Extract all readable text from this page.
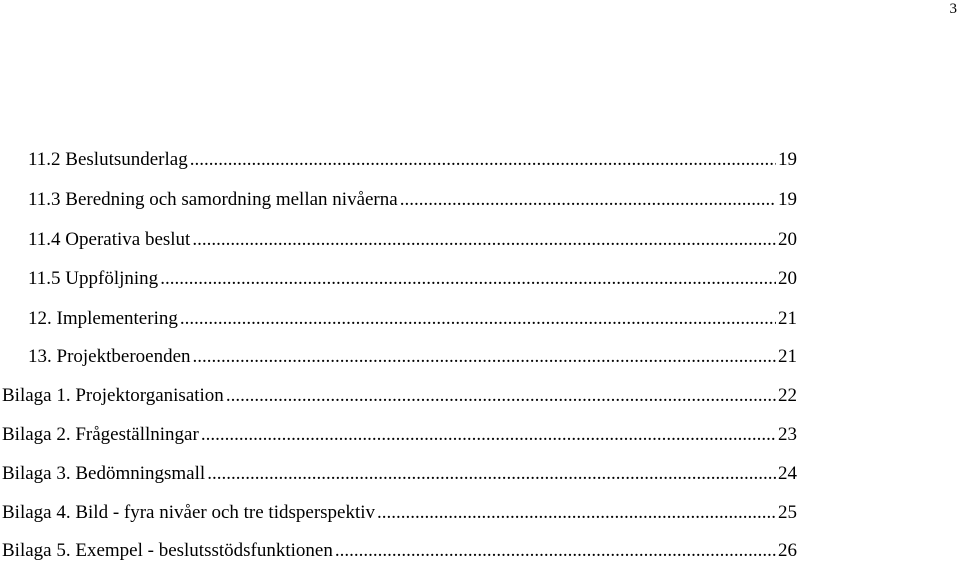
3
11.2 Beslutsunderlag .....	19
11.3 Beredning och samordning mellan nivåerna .....	19
11.4 Operativa beslut .....	20
11.5 Uppföljning .....	20
12. Implementering .....	21
13. Projektberoenden .....	21
Bilaga 1. Projektorganisation .....	22
Bilaga 2. Frågeställningar .....	23
Bilaga 3. Bedömningsmall .....	24
Bilaga 4. Bild - fyra nivåer och tre tidsperspektiv .....	25
Bilaga 5. Exempel - beslutsstödsfunktionen .....	26
